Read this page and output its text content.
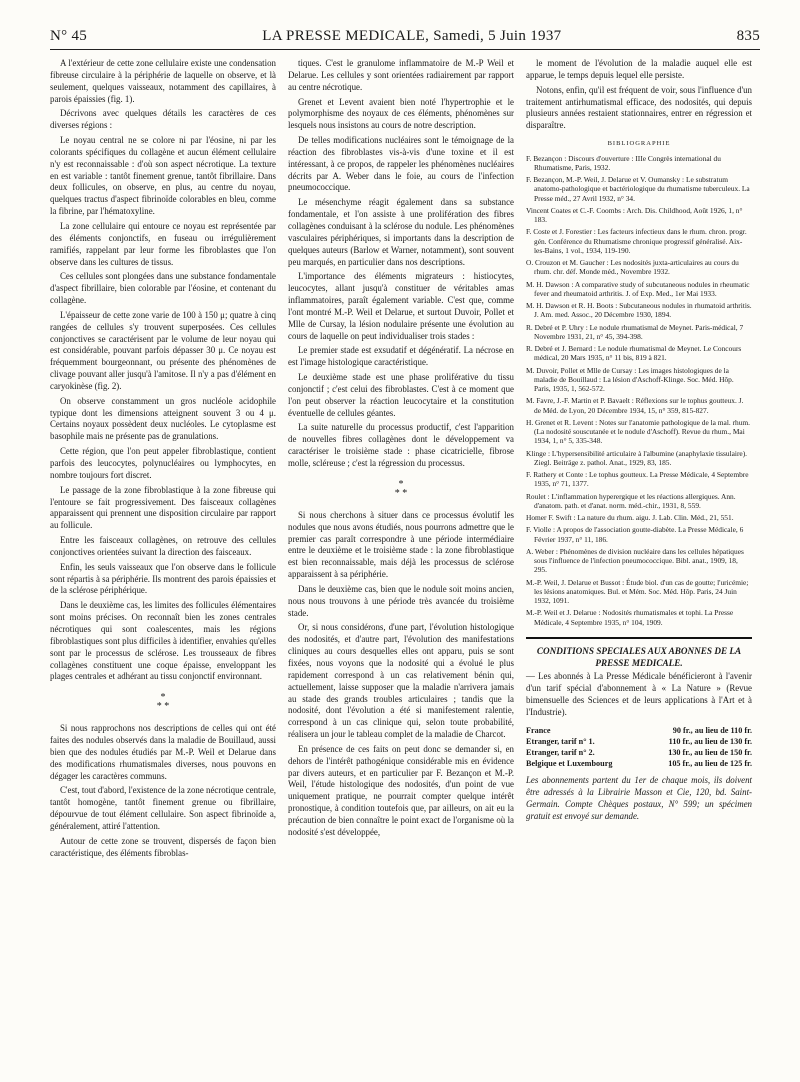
N° 45	LA PRESSE MEDICALE, Samedi, 5 Juin 1937	835

A l'extérieur de cette zone cellulaire existe une condensation fibreuse circulaire à la périphérie de laquelle on observe, et là seulement, quelques vaisseaux, notamment des capillaires, à parois épaissies (fig. 1).

Décrivons avec quelques détails les caractères de ces diverses régions :

Le noyau central ne se colore ni par l'éosine, ni par les colorants spécifiques du collagène et aucun élément cellulaire n'y est reconnaissable : d'où son aspect nécrotique. La texture en est variable : tantôt finement grenue, tantôt fibrillaire. Dans deux follicules, on observe, en plus, au centre du noyau, quelques tractus d'aspect fibrinoïde colorables en bleu, comme la fibrine, par l'hématoxyline.

La zone cellulaire qui entoure ce noyau est représentée par des éléments conjonctifs, en fuseau ou irrégulièrement ramifiés, rappelant par leur forme les fibroblastes que l'on observe dans les cultures de tissus.

Ces cellules sont plongées dans une substance fondamentale d'aspect fibrillaire, bien colorable par l'éosine, et contenant du collagène.

L'épaisseur de cette zone varie de 100 à 150 μ; quatre à cinq rangées de cellules s'y trouvent superposées. Ces cellules conjonctives se caractérisent par le volume de leur noyau qui est considérable, pouvant parfois dépasser 30 μ. Ce noyau est fréquemment bourgeonnant, ou présente des phénomènes de clivage pouvant aller jusqu'à l'amitose. Il n'y a pas d'élément en caryokinèse (fig. 2).

On observe constamment un gros nucléole acidophile typique dont les dimensions atteignent souvent 3 ou 4 μ. Certains noyaux possèdent deux nucléoles. Le cytoplasme est basophile mais ne présente pas de granulations.

Cette région, que l'on peut appeler fibroblastique, contient parfois des leucocytes, polynucléaires ou lymphocytes, en nombre toujours fort discret.

Le passage de la zone fibroblastique à la zone fibreuse qui l'entoure se fait progressivement. Des faisceaux collagènes apparaissent qui prennent une disposition circulaire par rapport au follicule.

Entre les faisceaux collagènes, on retrouve des cellules conjonctives orientées suivant la direction des faisceaux.

Enfin, les seuls vaisseaux que l'on observe dans le follicule sont répartis à sa périphérie. Ils montrent des parois épaissies et de la sclérose périphérique.

Dans le deuxième cas, les limites des follicules élémentaires sont moins précises. On reconnaît bien les zones centrales nécrotiques qui sont coalescentes, mais les régions fibroblastiques sont plus difficiles à identifier, envahies qu'elles sont par le processus de sclérose. Les trousseaux de fibres collagènes constituent une coque épaisse, enveloppant les plages centrales et adhérant au tissu conjonctif environnant.

*
* *

Si nous rapprochons nos descriptions de celles qui ont été faites des nodules observés dans la maladie de Bouillaud, aussi bien que des nodules étudiés par M.-P. Weil et Delarue dans des modifications rhumatismales diverses, nous pouvons en dégager les caractères communs.

C'est, tout d'abord, l'existence de la zone nécrotique centrale, tantôt homogène, tantôt finement grenue ou fibrillaire, dépourvue de tout élément cellulaire. Son aspect fibrinoïde a, généralement, attiré l'attention.

Autour de cette zone se trouvent, dispersés de façon bien caractéristique, des éléments fibroblas-

tiques. C'est le granulome inflammatoire de M.-P Weil et Delarue. Les cellules y sont orientées radiairement par rapport au centre nécrotique.

Grenet et Levent avaient bien noté l'hypertrophie et le polymorphisme des noyaux de ces éléments, phénomènes sur lesquels nous insistons au cours de notre description.

De telles modifications nucléaires sont le témoignage de la réaction des fibroblastes vis-à-vis d'une toxine et il est intéressant, à ce propos, de rappeler les phénomènes nucléaires décrits par A. Weber dans le foie, au cours de l'infection pneumococcique.

Le mésenchyme réagit également dans sa substance fondamentale, et l'on assiste à une prolifération des fibres collagènes conduisant à la sclérose du nodule. Les phénomènes vasculaires périphériques, si importants dans la description de quelques auteurs (Barlow et Warner, notamment), sont souvent peu marqués, en particulier dans nos descriptions.

L'importance des éléments migrateurs : histiocytes, leucocytes, allant jusqu'à constituer de véritables amas inflammatoires, paraît également variable. C'est que, comme l'ont montré M.-P. Weil et Delarue, et surtout Duvoir, Pollet et Mlle de Cursay, la lésion nodulaire présente une évolution au cours de laquelle on peut individualiser trois stades :

Le premier stade est exsudatif et dégénératif. La nécrose en est l'image histologique caractéristique.

Le deuxième stade est une phase proliférative du tissu conjonctif ; c'est celui des fibroblastes. C'est à ce moment que l'on peut observer la réaction leucocytaire et la constitution éventuelle de cellules géantes.

La suite naturelle du processus productif, c'est l'apparition de nouvelles fibres collagènes dont le développement va caractériser le troisième stade : phase cicatricielle, fibrose molle, scléreuse ; c'est la régression du processus.

*
* *

Si nous cherchons à situer dans ce processus évolutif les nodules que nous avons étudiés, nous pourrons admettre que le premier cas paraît correspondre à une période intermédiaire entre le deuxième et le troisième stade : la zone fibroblastique est bien reconnaissable, mais déjà les processus de sclérose apparaissent à sa périphérie.

Dans le deuxième cas, bien que le nodule soit moins ancien, nous nous trouvons à une période très avancée du troisième stade.

Or, si nous considérons, d'une part, l'évolution histologique des nodosités, et d'autre part, l'évolution des manifestations cliniques au cours desquelles elles ont apparu, puis se sont fixées, nous voyons que la nodosité qui a évolué le plus rapidement correspond à un cas relativement bénin qui, actuellement, laisse supposer que la maladie n'arrivera jamais au stade des grands troubles articulaires ; tandis que la nodosité, dont l'évolution a été si manifestement ralentie, correspond à un cas clinique qui, selon toute probabilité, réalisera un jour le tableau complet de la maladie de Charcot.

En présence de ces faits on peut donc se demander si, en dehors de l'intérêt pathogénique considérable mis en évidence par divers auteurs, et en particulier par F. Bezançon et M.-P. Weil, l'étude histologique des nodosités, d'un point de vue uniquement pratique, ne pourrait compter quelque intérêt pronostique, à condition toutefois que, par ailleurs, on ait eu la précaution de bien connaître le point exact de l'organisme où la nodosité s'est développée,

le moment de l'évolution de la maladie auquel elle est apparue, le temps depuis lequel elle persiste.

Notons, enfin, qu'il est fréquent de voir, sous l'influence d'un traitement antirhumatismal efficace, des nodosités, qui depuis plusieurs années restaient stationnaires, entrer en régression et disparaître.

BIBLIOGRAPHIE
F. Bezançon : Discours d'ouverture : IIIe Congrès international du Rhumatisme, Paris, 1932.
F. Bezançon, M.-P. Weil, J. Delarue et V. Oumansky : Le substratum anatomo-pathologique et bactériologique du rhumatisme tuberculeux. La Presse méd., 27 Avril 1932, n° 34.
Vincent Coates et C.-F. Coombs : Arch. Dis. Childhood, Août 1926, 1, n° 183.
F. Coste et J. Forestier : Les facteurs infectieux dans le rhum. chron. progr. gén. Conférence du Rhumatisme chronique progressif généralisé. Aix-les-Bains, 1 vol., 1934, 119-190.
O. Crouzon et M. Gaucher : Les nodosités juxta-articulaires au cours du rhum. chr. déf. Monde méd., Novembre 1932.
M. H. Dawson : A comparative study of subcutaneous nodules in rheumatic fever and rheumatoid arthritis. J. of Exp. Med., 1er Mai 1933.
M. H. Dawson et R. H. Boots : Subcutaneous nodules in rhumatoid arthritis. J. Am. med. Assoc., 20 Décembre 1930, 1894.
R. Debré et P. Uhry : Le nodule rhumatismal de Meynet. Paris-médical, 7 Novembre 1931, 21, n° 45, 394-398.
R. Debré et J. Bernard : Le nodule rhumatismal de Meynet. Le Concours médical, 20 Mars 1935, n° 11 bis, 819 à 821.
M. Duvoir, Pollet et Mlle de Cursay : Les images histologiques de la maladie de Bouillaud : La lésion d'Aschoff-Klinge. Soc. Méd. Hôp. Paris, 1935, 1, 562-572.
M. Favre, J.-F. Martin et P. Bavaelt : Réflexions sur le tophus goutteux. J. de Méd. de Lyon, 20 Décembre 1934, 15, n° 359, 815-827.
H. Grenet et R. Levent : Notes sur l'anatomie pathologique de la mal. rhum. (La nodosité souscutanée et le nodule d'Aschoff). Revue du rhum., Mai 1934, 1, n° 5, 335-348.
Klinge : L'hypersensibilité articulaire à l'albumine (anaphylaxie tissulaire). Ziegl. Beiträge z. pathol. Anat., 1929, 83, 185.
F. Rathery et Conte : Le tophus goutteux. La Presse Médicale, 4 Septembre 1935, n° 71, 1377.
Roulet : L'inflammation hyperergique et les réactions allergiques. Ann. d'anatom. path. et d'anat. norm. méd.-chir., 1931, 8, 559.
Homer F. Swift : La nature du rhum. aigu. J. Lab. Clin. Méd., 21, 551.
F. Violle : A propos de l'association goutte-diabète. La Presse Médicale, 6 Février 1937, n° 11, 186.
A. Weber : Phénomènes de division nucléaire dans les cellules hépatiques sous l'influence de l'infection pneumococcique. Bibl. anat., 1909, 18, 295.
M.-P. Weil, J. Delarue et Bussot : Étude biol. d'un cas de goutte; l'uricémie; les lésions anatomiques. Bul. et Mém. Soc. Méd. Hôp. Paris, 24 Juin 1932, 1091.
M.-P. Weil et J. Delarue : Nodosités rhumatismales et tophi. La Presse Médicale, 4 Septembre 1935, n° 104, 1909.
CONDITIONS SPECIALES AUX ABONNES DE LA PRESSE MEDICALE.
— Les abonnés à La Presse Médicale bénéficieront à l'avenir d'un tarif spécial d'abonnement à « La Nature » (Revue bimensuelle des Sciences et de leurs applications à l'Art et à l'Industrie).
France	90 fr., au lieu de 110 fr.
Etranger, tarif n° 1.	110 fr., au lieu de 130 fr.
Etranger, tarif n° 2.	130 fr., au lieu de 150 fr.
Belgique et Luxembourg	105 fr., au lieu de 125 fr.
Les abonnements partent du 1er de chaque mois, ils doivent être adressés à la Librairie Masson et Cie, 120, bd. Saint-Germain. Compte Chèques postaux, N° 599; un spécimen gratuit est envoyé sur demande.
